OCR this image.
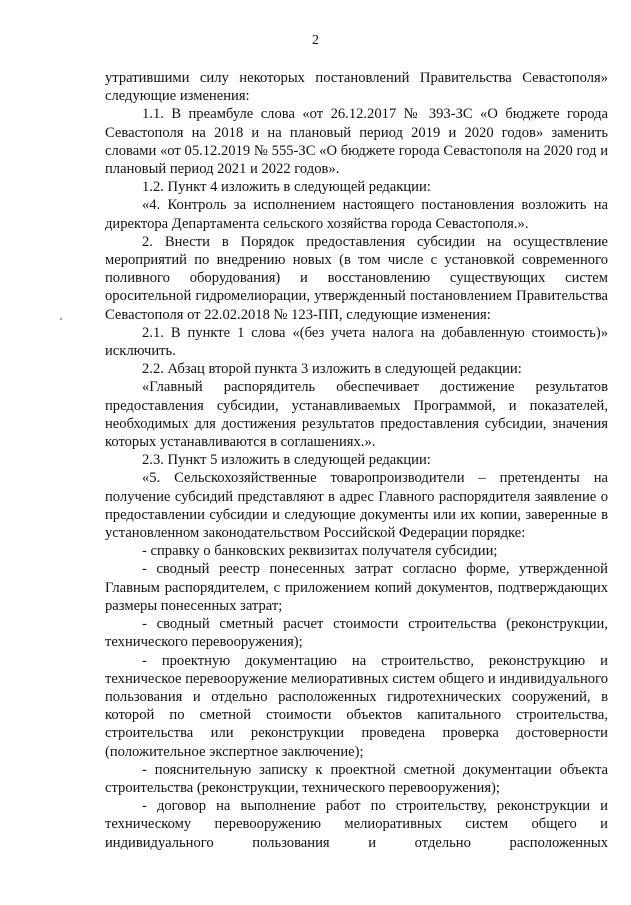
2

утратившими силу некоторых постановлений Правительства Севастополя» следующие изменения:

1.1. В преамбуле слова «от 26.12.2017 № 393-ЗС «О бюджете города Севастополя на 2018 и на плановый период 2019 и 2020 годов» заменить словами «от 05.12.2019 № 555-ЗС «О бюджете города Севастополя на 2020 год и плановый период 2021 и 2022 годов».

1.2. Пункт 4 изложить в следующей редакции:

«4. Контроль за исполнением настоящего постановления возложить на директора Департамента сельского хозяйства города Севастополя.».

2. Внести в Порядок предоставления субсидии на осуществление мероприятий по внедрению новых (в том числе с установкой современного поливного оборудования) и восстановлению существующих систем оросительной гидромелиорации, утвержденный постановлением Правительства Севастополя от 22.02.2018 № 123-ПП, следующие изменения:

2.1. В пункте 1 слова «(без учета налога на добавленную стоимость)» исключить.

2.2. Абзац второй пункта 3 изложить в следующей редакции:

«Главный распорядитель обеспечивает достижение результатов предоставления субсидии, устанавливаемых Программой, и показателей, необходимых для достижения результатов предоставления субсидии, значения которых устанавливаются в соглашениях.».

2.3. Пункт 5 изложить в следующей редакции:

«5. Сельскохозяйственные товаропроизводители – претенденты на получение субсидий представляют в адрес Главного распорядителя заявление о предоставлении субсидии и следующие документы или их копии, заверенные в установленном законодательством Российской Федерации порядке:

- справку о банковских реквизитах получателя субсидии;

- сводный реестр понесенных затрат согласно форме, утвержденной Главным распорядителем, с приложением копий документов, подтверждающих размеры понесенных затрат;

- сводный сметный расчет стоимости строительства (реконструкции, технического перевооружения);

- проектную документацию на строительство, реконструкцию и техническое перевооружение мелиоративных систем общего и индивидуального пользования и отдельно расположенных гидротехнических сооружений, в которой по сметной стоимости объектов капитального строительства, строительства или реконструкции проведена проверка достоверности (положительное экспертное заключение);

- пояснительную записку к проектной сметной документации объекта строительства (реконструкции, технического перевооружения);

- договор на выполнение работ по строительству, реконструкции и техническому перевооружению мелиоративных систем общего и индивидуального пользования и отдельно расположенных
